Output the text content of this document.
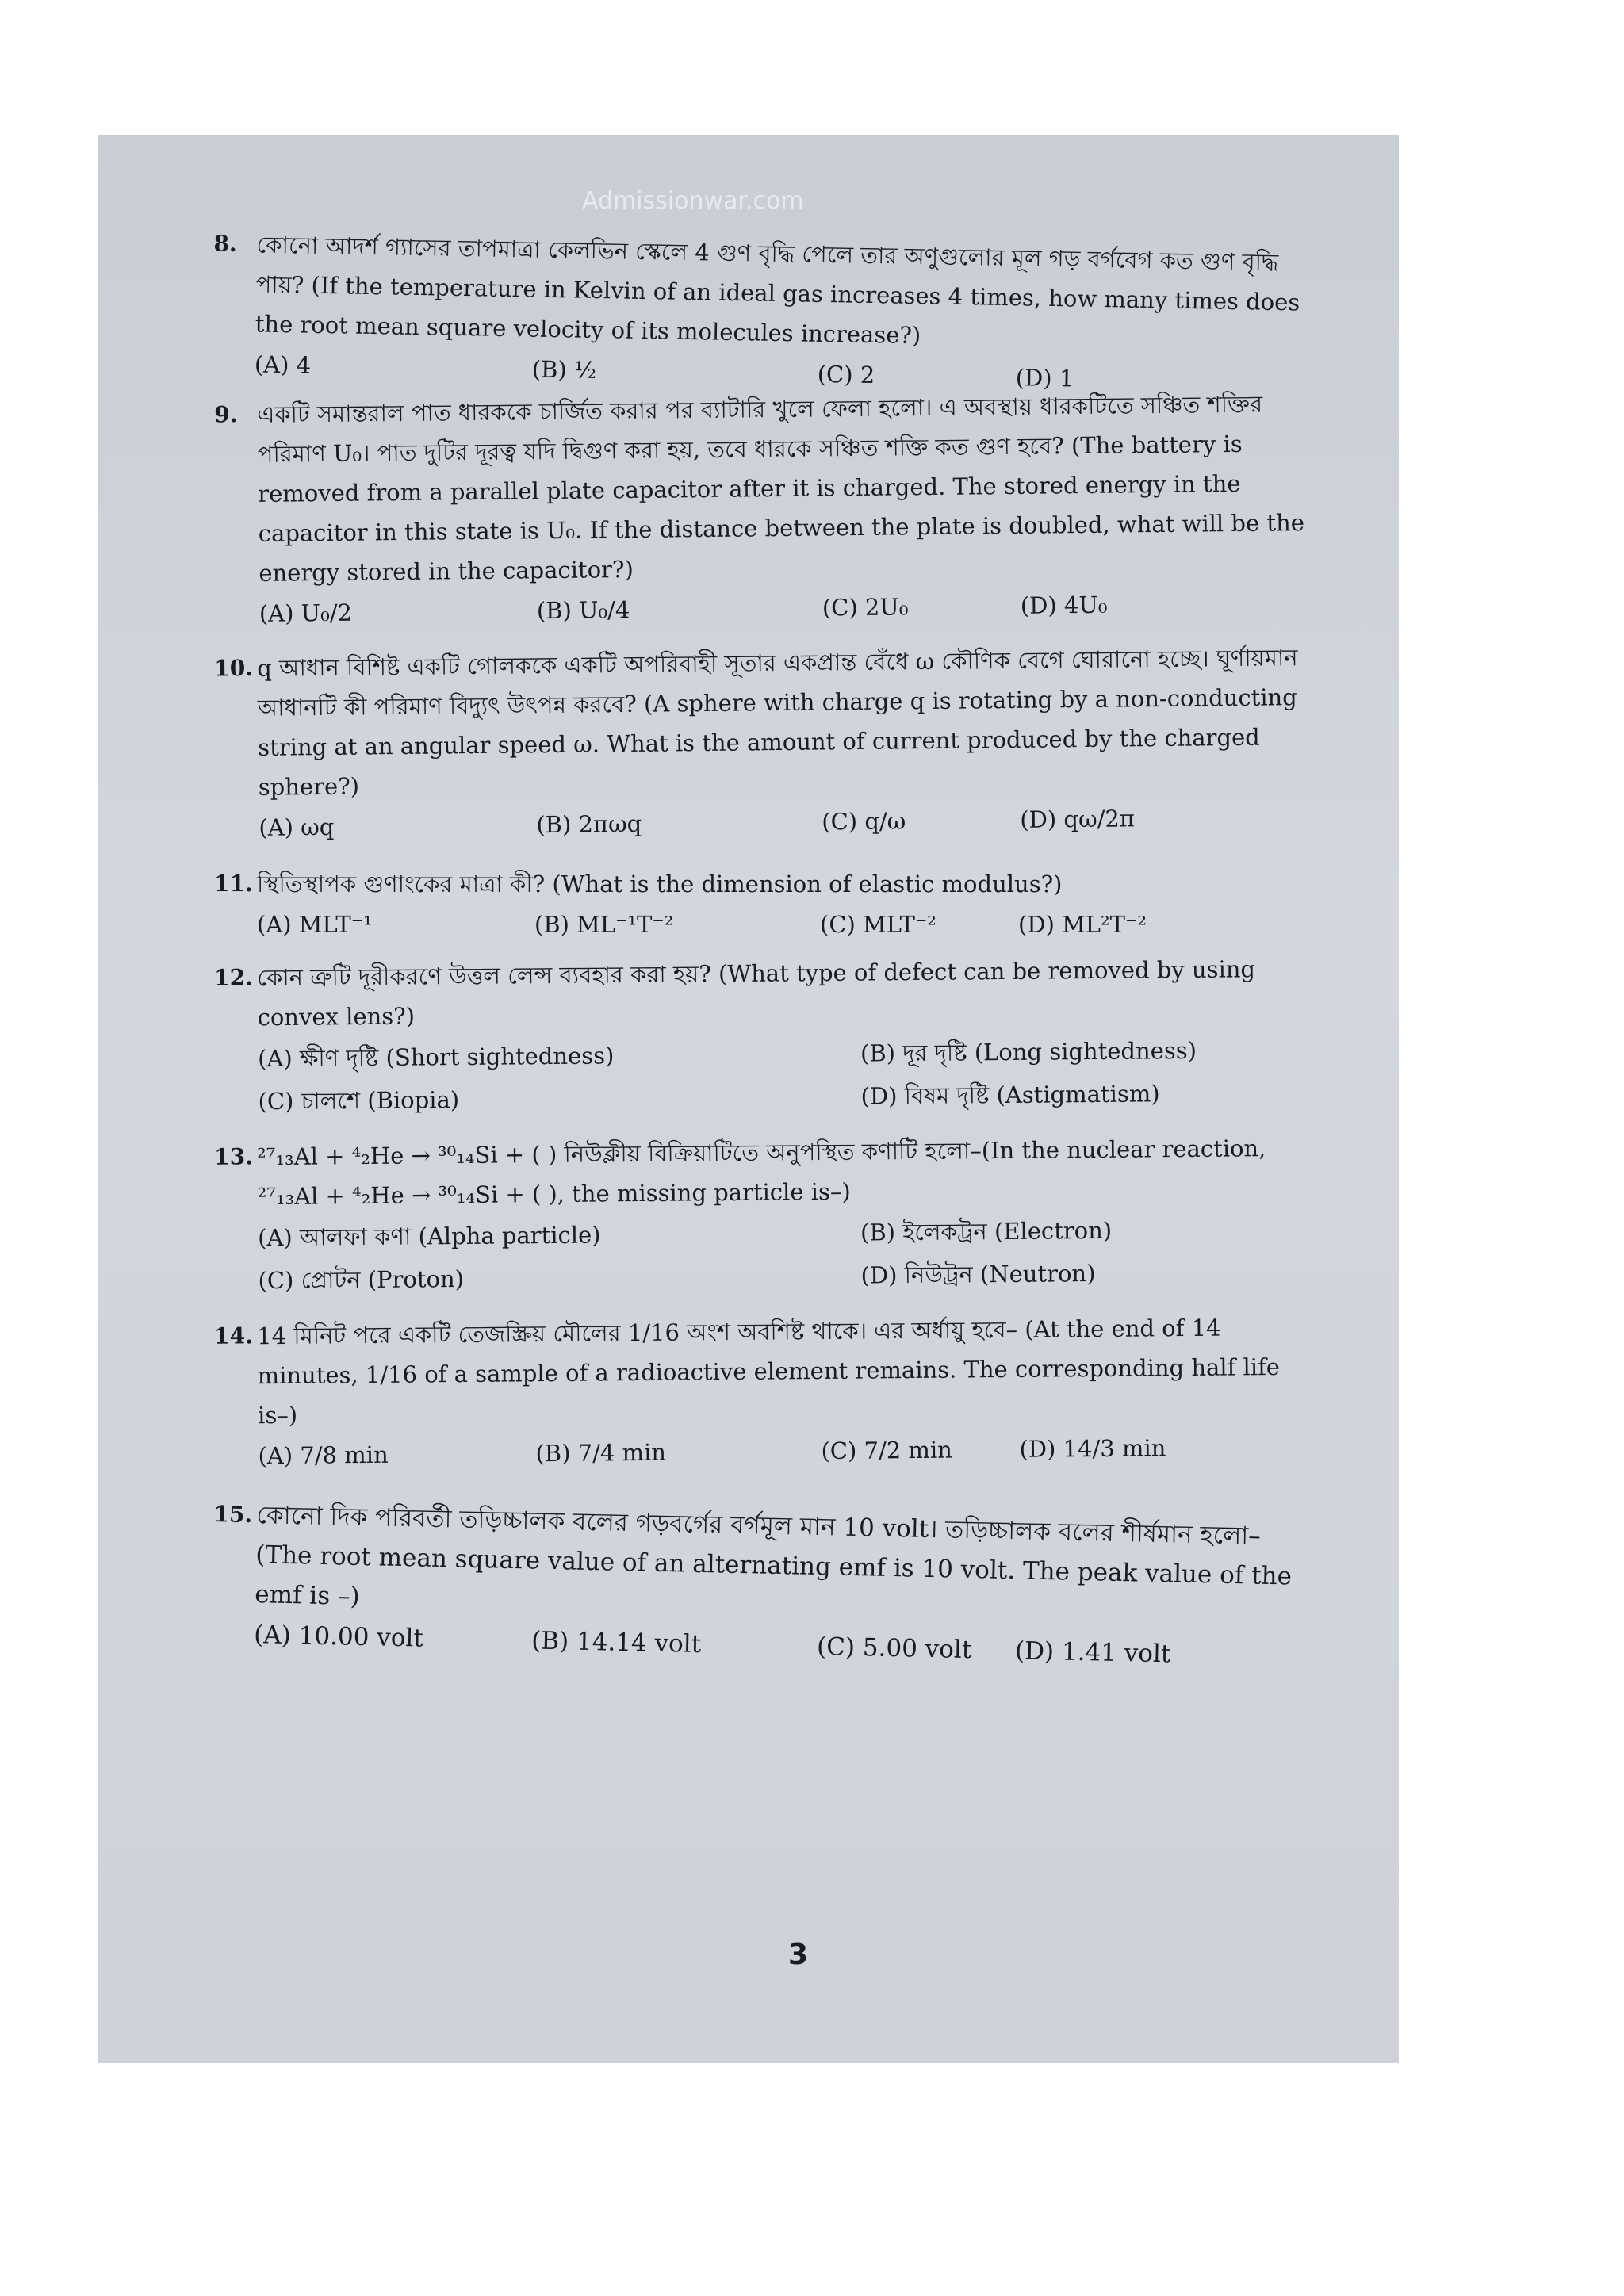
Admissionwar.com
8. কোনো আদর্শ গ্যাসের তাপমাত্রা কেলভিন স্কেলে 4 গুণ বৃদ্ধি পেলে তার অণুগুলোর মূল গড় বর্গবেগ কত গুণ বৃদ্ধি পায়? (If the temperature in Kelvin of an ideal gas increases 4 times, how many times does the root mean square velocity of its molecules increase?)
(A) 4	(B) ½	(C) 2	(D) 1
9. একটি সমান্তরাল পাত ধারককে চার্জিত করার পর ব্যাটারি খুলে ফেলা হলো। এ অবস্থায় ধারকটিতে সঞ্চিত শক্তির পরিমাণ U₀। পাত দুটির দূরত্ব যদি দ্বিগুণ করা হয়, তবে ধারকে সঞ্চিত শক্তি কত গুণ হবে? (The battery is removed from a parallel plate capacitor after it is charged. The stored energy in the capacitor in this state is U₀. If the distance between the plate is doubled, what will be the energy stored in the capacitor?)
(A) U₀/2	(B) U₀/4	(C) 2U₀	(D) 4U₀
10. q আধান বিশিষ্ট একটি গোলককে একটি অপরিবাহী সূতার একপ্রান্ত বেঁধে ω কৌণিক বেগে ঘোরানো হচ্ছে। ঘূর্ণায়মান আধানটি কী পরিমাণ বিদ্যুৎ উৎপন্ন করবে? (A sphere with charge q is rotating by a non-conducting string at an angular speed ω. What is the amount of current produced by the charged sphere?)
(A) ωq	(B) 2πωq	(C) q/ω	(D) qω/2π
11. স্থিতিস্থাপক গুণাংকের মাত্রা কী? (What is the dimension of elastic modulus?)
(A) MLT⁻¹	(B) ML⁻¹T⁻²	(C) MLT⁻²	(D) ML²T⁻²
12. কোন ত্রুটি দূরীকরণে উত্তল লেন্স ব্যবহার করা হয়? (What type of defect can be removed by using convex lens?)
(A) ক্ষীণ দৃষ্টি (Short sightedness)	(B) দূর দৃষ্টি (Long sightedness)
(C) চালশে (Biopia)	(D) বিষম দৃষ্টি (Astigmatism)
13. ²⁷₁₃Al + ⁴₂He → ³⁰₁₄Si + ( ) নিউক্লীয় বিক্রিয়াটিতে অনুপস্থিত কণাটি হলো–(In the nuclear reaction, ²⁷₁₃Al + ⁴₂He → ³⁰₁₄Si + ( ), the missing particle is–)
(A) আলফা কণা (Alpha particle)	(B) ইলেকট্রন (Electron)
(C) প্রোটন (Proton)	(D) নিউট্রন (Neutron)
14. 14 মিনিট পরে একটি তেজস্ক্রিয় মৌলের 1/16 অংশ অবশিষ্ট থাকে। এর অর্ধায়ু হবে– (At the end of 14 minutes, 1/16 of a sample of a radioactive element remains. The corresponding half life is–)
(A) 7/8 min	(B) 7/4 min	(C) 7/2 min	(D) 14/3 min
15. কোনো দিক পরিবর্তী তড়িচ্চালক বলের গড়বর্গের বর্গমূল মান 10 volt। তড়িচ্চালক বলের শীর্ষমান হলো– (The root mean square value of an alternating emf is 10 volt. The peak value of the emf is –)
(A) 10.00 volt	(B) 14.14 volt	(C) 5.00 volt	(D) 1.41 volt
3
